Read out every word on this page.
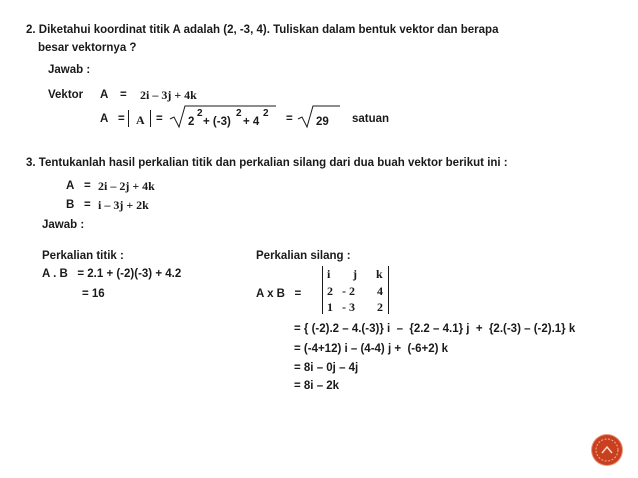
2. Diketahui koordinat titik A adalah (2, -3, 4). Tuliskan dalam bentuk vektor dan berapa
besar vektornya ?
Jawab :
Vektor A = 2i – 3j + 4k
A = A = 2
2
+ (-3)
2
+ 4
2 = 29 satuan
3. Tentukanlah hasil perkalian titik dan perkalian silang dari dua buah vektor berikut ini :
A = 2i – 2j + 4k
B = i – 3j + 2k
Jawab :
Perkalian titik :
A . B   = 2.1 + (-2)(-3) + 4.2
= 16
Perkalian silang :
A x B   =
i j k
2 - 2 4
1 - 3 2
= { (-2).2 – 4.(-3)} i  –  {2.2 – 4.1} j  +  {2.(-3) – (-2).1} k
= (-4+12) i – (4-4) j +  (-6+2) k
= 8i – 0j – 4j
= 8i – 2k
